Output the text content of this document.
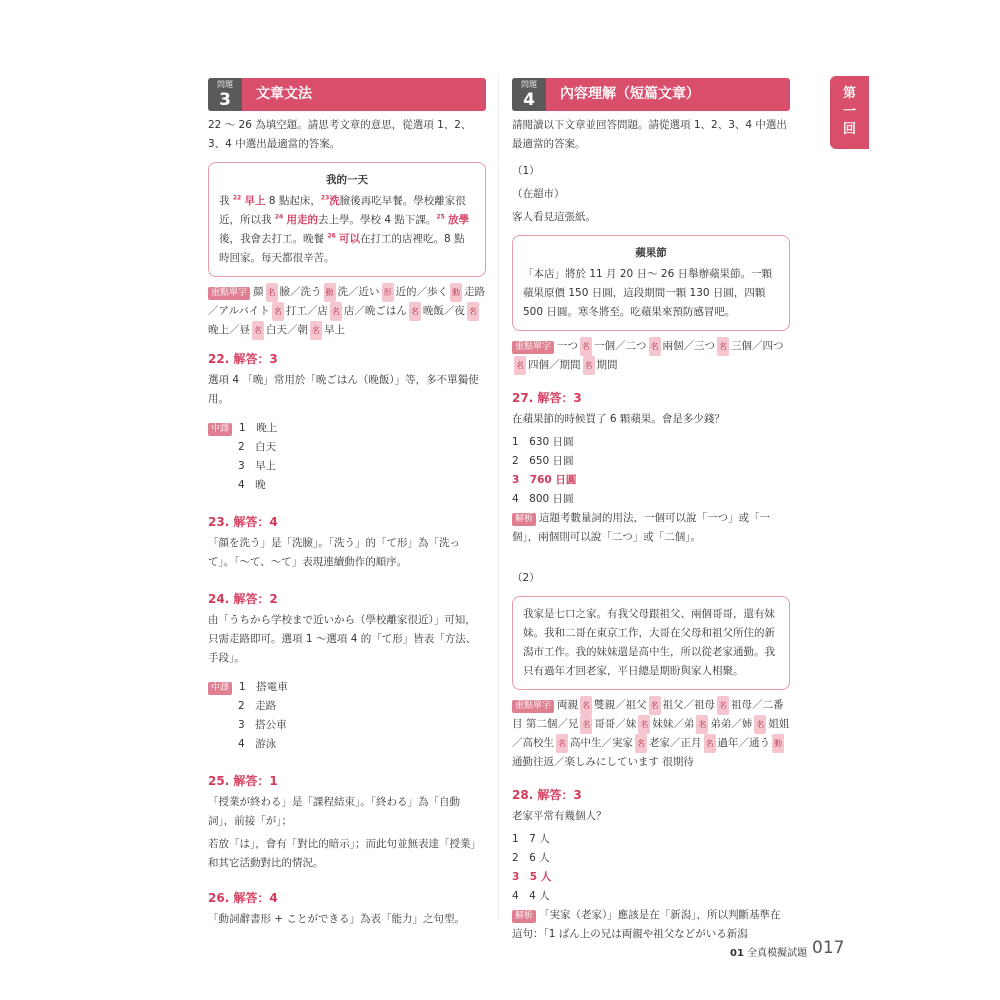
問題
3	文章文法
22 ～ 26 為填空題。請思考文章的意思，從選項 1、2、3、4 中選出最適當的答案。
我的一天
我 $^{22}$ 早上 8 點起床，$^{23}$洗臉後再吃早餐。學校離家很近，所以我 $^{24}$ 用走的去上學。學校 4 點下課。$^{25}$ 放學後，我會去打工。晚餐 $^{26}$ 可以在打工的店裡吃。8 點時回家。每天都很辛苦。
重點單字 顔 名 臉／洗う 動 洗／近い 形 近的／歩く 動 走路／アルバイト 名 打工／店 名 店／晩ごはん 名 晚飯／夜 名晚上／昼 名 白天／朝 名 早上
22. 解答：3
選項 4 「晩」常用於「晩ごはん（晚飯）」等，多不單獨使用。
中譯 1　晚上
2　白天
3　早上
4　晚
23. 解答：4
「顔を洗う」是「洗臉」。「洗う」的「て形」為「洗って」。「～て、～て」表現連續動作的順序。
24. 解答：2
由「うちから学校まで近いから（學校離家很近）」可知，只需走路即可。選項 1 ～選項 4 的「て形」皆表「方法、手段」。
中譯 1　搭電車
2　走路
3　搭公車
4　游泳
25. 解答：1
「授業が終わる」是「課程結束」。「終わる」為「自動詞」，前接「が」；
若放「は」，會有「對比的暗示」；而此句並無表達「授業」和其它活動對比的情況。
26. 解答：4
「動詞辭書形 + ことができる」為表「能力」之句型。
問題
4	內容理解（短篇文章）
請閱讀以下文章並回答問題。請從選項 1、2、3、4 中選出最適當的答案。
（1）
（在超市）
客人看見這張紙。
蘋果節
「本店」將於 11 月 20 日～ 26 日舉辦蘋果節。一顆蘋果原價 150 日圓，這段期間一顆 130 日圓，四顆 500 日圓。寒冬將至。吃蘋果來預防感冒吧。
重點單字 一つ 名 一個／二つ 名 兩個／三つ 名 三個／四つ名 四個／期間 名 期間
27. 解答：3
在蘋果節的時候買了 6 顆蘋果。會是多少錢？
1　630 日圓
2　650 日圓
3　760 日圓
4　800 日圓
解析 這題考數量詞的用法，一個可以說「一つ」或「一個」，兩個則可以說「二つ」或「二個」。
（2）
我家是七口之家。有我父母跟祖父、兩個哥哥，還有妹妹。我和二哥在東京工作，大哥在父母和祖父所住的新潟市工作。我的妹妹還是高中生，所以從老家通勤。我只有過年才回老家，平日總是期盼與家人相聚。
重點單字 両親 名 雙親／祖父 名 祖父／祖母 名 祖母／二番目 第二個／兄 名 哥哥／妹 名 妹妹／弟 名 弟弟／姉 名 姐姐／高校生 名 高中生／実家 名 老家／正月 名 過年／通う 動通勤往返／楽しみにしています 很期待
28. 解答：3
老家平常有幾個人？
1　7 人
2　6 人
3　5 人
4　4 人
解析 「実家（老家）」應該是在「新潟」，所以判斷基準在這句：「1 ばん上の兄は両親や祖父などがいる新潟
第一回
01 全真模擬試題 017
